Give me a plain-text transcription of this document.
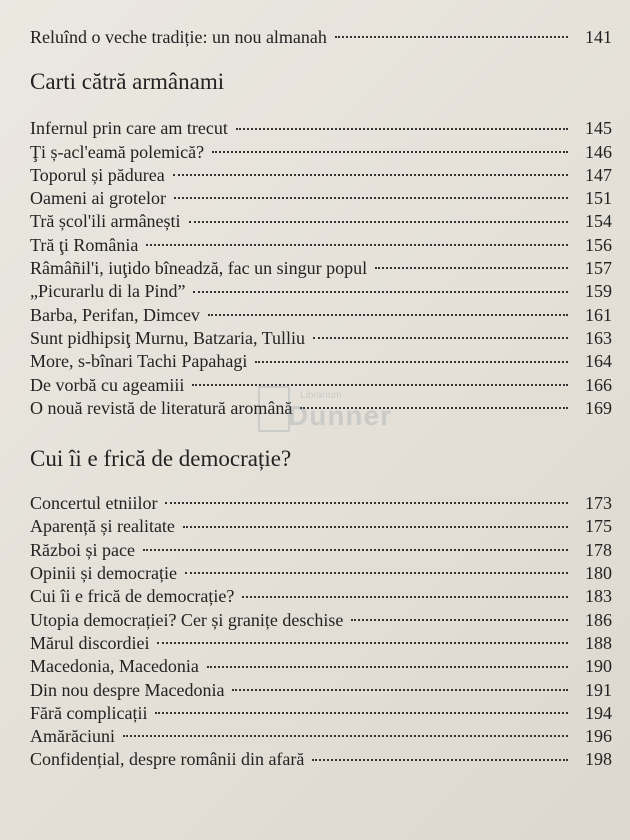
Reluînd o veche tradiție: un nou almanah	141
Carti cătră armânami
Infernul prin care am trecut	145
Ţi ș-acl'eamă polemică?	146
Toporul și pădurea	147
Oameni ai grotelor	151
Tră școl'ili armânești	154
Tră ţi România	156
Râmâñil'i, iuţido bîneadză, fac un singur popul	157
„Picurarlu di la Pind”	159
Barba, Perifan, Dimcev	161
Sunt pidhipsiţ Murnu, Batzaria, Tulliu	163
More, s-bînari Tachi Papahagi	164
De vorbă cu ageamiii	166
O nouă revistă de literatură aromână	169
Cui îi e frică de democrație?
Concertul etniilor	173
Aparență și realitate	175
Război și pace	178
Opinii și democrație	180
Cui îi e frică de democrație?	183
Utopia democrației? Cer și granițe deschise	186
Mărul discordiei	188
Macedonia, Macedonia	190
Din nou despre Macedonia	191
Fără complicații	194
Amărăciuni	196
Confidențial, despre românii din afară	198
Librarium
Dunner
